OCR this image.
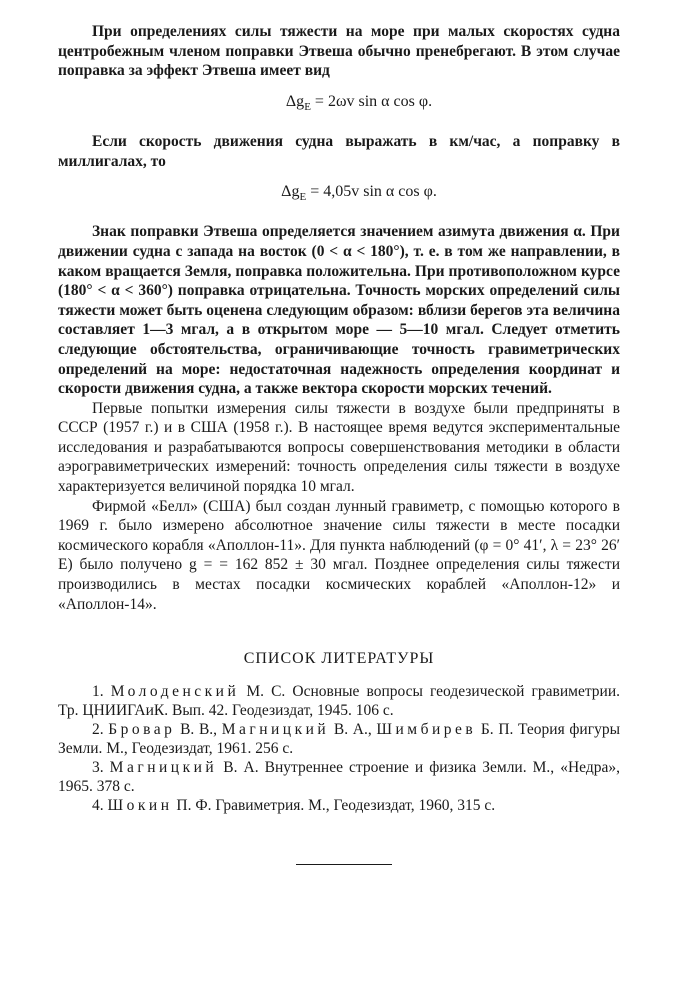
При определениях силы тяжести на море при малых скоростях судна центробежным членом поправки Этвеша обычно пренебрегают. В этом случае поправка за эффект Этвеша имеет вид

$\Delta g_E = 2\omega v$ sin α cos φ.

Если скорость движения судна выражать в км/час, а поправку в миллигалах, то

$\Delta g_E = 4,05v$ sin α cos φ.

Знак поправки Этвеша определяется значением азимута движения α. При движении судна с запада на восток (0 < α < 180°), т. е. в том же направлении, в каком вращается Земля, поправка положительна. При противоположном курсе (180° < α < 360°) поправка отрицательна. Точность морских определений силы тяжести может быть оценена следующим образом: вблизи берегов эта величина составляет 1—3 мгал, а в открытом море — 5—10 мгал. Следует отметить следующие обстоятельства, ограничивающие точность гравиметрических определений на море: недостаточная надежность определения координат и скорости движения судна, а также вектора скорости морских течений.

Первые попытки измерения силы тяжести в воздухе были предприняты в СССР (1957 г.) и в США (1958 г.). В настоящее время ведутся экспериментальные исследования и разрабатываются вопросы совершенствования методики в области аэрогравиметрических измерений: точность определения силы тяжести в воздухе характеризуется величиной порядка 10 мгал.

Фирмой «Белл» (США) был создан лунный гравиметр, с помощью которого в 1969 г. было измерено абсолютное значение силы тяжести в месте посадки космического корабля «Аполлон-11». Для пункта наблюдений (φ = 0° 41′, λ = 23° 26′ E) было получено g = = 162 852 ± 30 мгал. Позднее определения силы тяжести производились в местах посадки космических кораблей «Аполлон-12» и «Аполлон-14».

СПИСОК ЛИТЕРАТУРЫ

1. Молоденский М. С. Основные вопросы геодезической гравиметрии. Тр. ЦНИИГАиК. Вып. 42. Геодезиздат, 1945. 106 с.

2. Бровар В. В., Магницкий В. А., Шимбирев Б. П. Теория фигуры Земли. М., Геодезиздат, 1961. 256 с.

3. Магницкий В. А. Внутреннее строение и физика Земли. М., «Недра», 1965. 378 с.

4. Шокин П. Ф. Гравиметрия. М., Геодезиздат, 1960, 315 с.
